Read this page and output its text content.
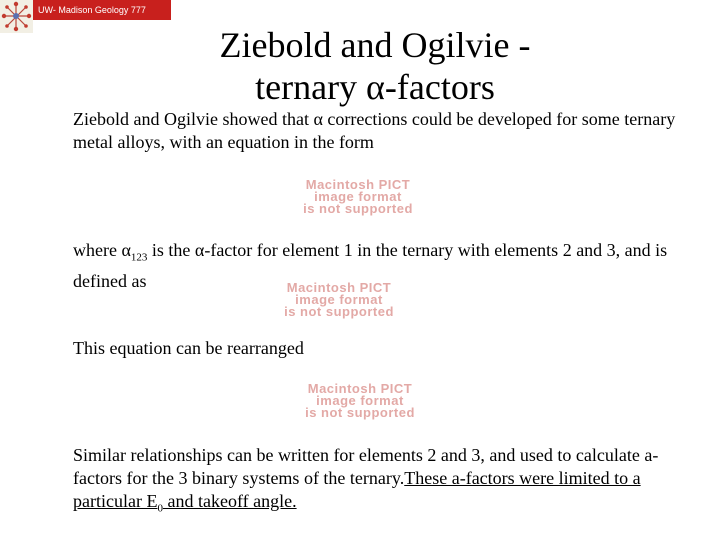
UW- Madison Geology 777
Ziebold and Ogilvie -
ternary α-factors

Ziebold and Ogilvie showed that α corrections could be developed for some ternary metal alloys, with an equation in the form

Macintosh PICT
image format
is not supported

where $\alpha_{123}$ is the α-factor for element 1 in the ternary with elements 2 and 3, and is defined as	Macintosh PICT
image format
is not supported

This equation can be rearranged

Macintosh PICT
image format
is not supported

Similar relationships can be written for elements 2 and 3, and used to calculate a-factors for the 3 binary systems of the ternary.These a-factors were limited to a particular $E_0$ and takeoff angle.
